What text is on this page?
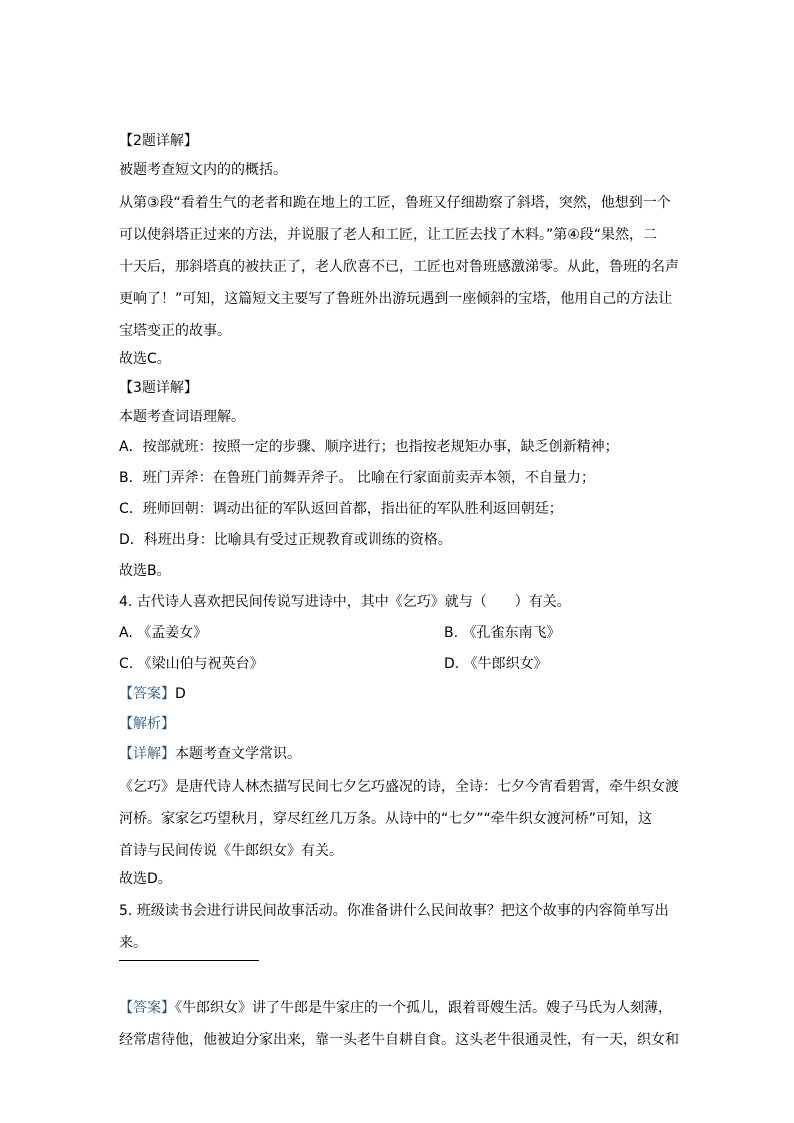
【2题详解】
被题考查短文内的的概括。
从第③段“看着生气的老者和跪在地上的工匠，鲁班又仔细勘察了斜塔，突然，他想到一个
可以使斜塔正过来的方法，并说服了老人和工匠，让工匠去找了木料。”第④段“果然，二
十天后，那斜塔真的被扶正了，老人欣喜不已，工匠也对鲁班感激涕零。从此，鲁班的名声
更响了！”可知，这篇短文主要写了鲁班外出游玩遇到一座倾斜的宝塔，他用自己的方法让
宝塔变正的故事。
故选C。
【3题详解】
本题考查词语理解。
A．按部就班：按照一定的步骤、顺序进行；也指按老规矩办事，缺乏创新精神；
B．班门弄斧：在鲁班门前舞弄斧子。 比喻在行家面前卖弄本领，不自量力；
C．班师回朝：调动出征的军队返回首都，指出征的军队胜利返回朝廷；
D．科班出身：比喻具有受过正规教育或训练的资格。
故选B。
4. 古代诗人喜欢把民间传说写进诗中，其中《乞巧》就与（　　）有关。
A. 《孟姜女》	B. 《孔雀东南飞》
C. 《梁山伯与祝英台》	D. 《牛郎织女》
【答案】D
【解析】
【详解】本题考查文学常识。
《乞巧》是唐代诗人林杰描写民间七夕乞巧盛况的诗，全诗：七夕今宵看碧霄，牵牛织女渡
河桥。家家乞巧望秋月，穿尽红丝几万条。从诗中的“七夕”“牵牛织女渡河桥”可知，这
首诗与民间传说《牛郎织女》有关。
故选D。
5. 班级读书会进行讲民间故事活动。你准备讲什么民间故事？把这个故事的内容简单写出
来。
【答案】《牛郎织女》讲了牛郎是牛家庄的一个孤儿，跟着哥嫂生活。嫂子马氏为人刻薄，
经常虐待他，他被迫分家出来，靠一头老牛自耕自食。这头老牛很通灵性，有一天，织女和
